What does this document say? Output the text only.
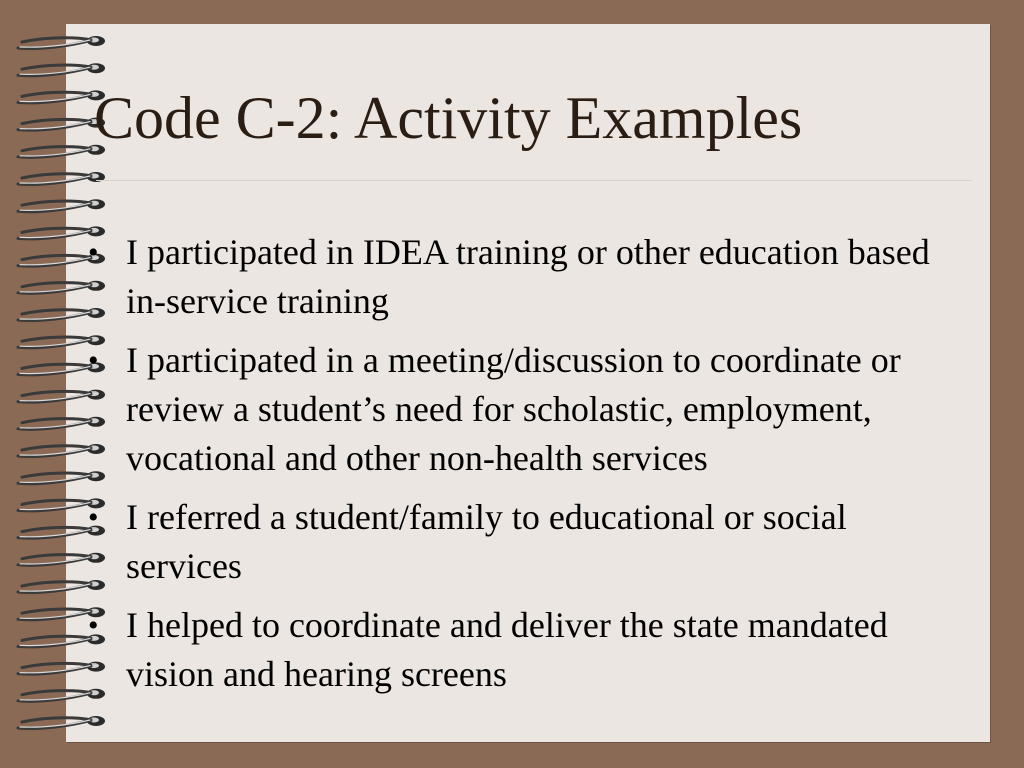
Code C-2: Activity Examples
• I participated in IDEA training or other education based in-service training
• I participated in a meeting/discussion to coordinate or review a student’s need for scholastic, employment, vocational and other non-health services
• I referred a student/family to educational or social services
• I helped to coordinate and deliver the state mandated vision and hearing screens
